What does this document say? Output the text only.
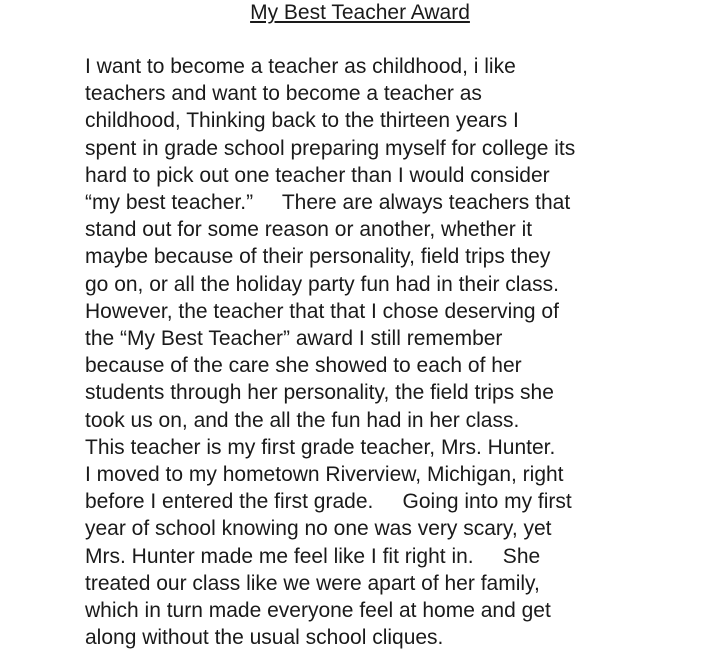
My Best Teacher Award
I want to become a teacher as childhood, i like
teachers and want to become a teacher as
childhood, Thinking back to the thirteen years I
spent in grade school preparing myself for college its
hard to pick out one teacher than I would consider
“my best teacher.”     There are always teachers that
stand out for some reason or another, whether it
maybe because of their personality, field trips they
go on, or all the holiday party fun had in their class.
However, the teacher that that I chose deserving of
the “My Best Teacher” award I still remember
because of the care she showed to each of her
students through her personality, the field trips she
took us on, and the all the fun had in her class.
This teacher is my first grade teacher, Mrs. Hunter.
I moved to my hometown Riverview, Michigan, right
before I entered the first grade.     Going into my first
year of school knowing no one was very scary, yet
Mrs. Hunter made me feel like I fit right in.     She
treated our class like we were apart of her family,
which in turn made everyone feel at home and get
along without the usual school cliques.
